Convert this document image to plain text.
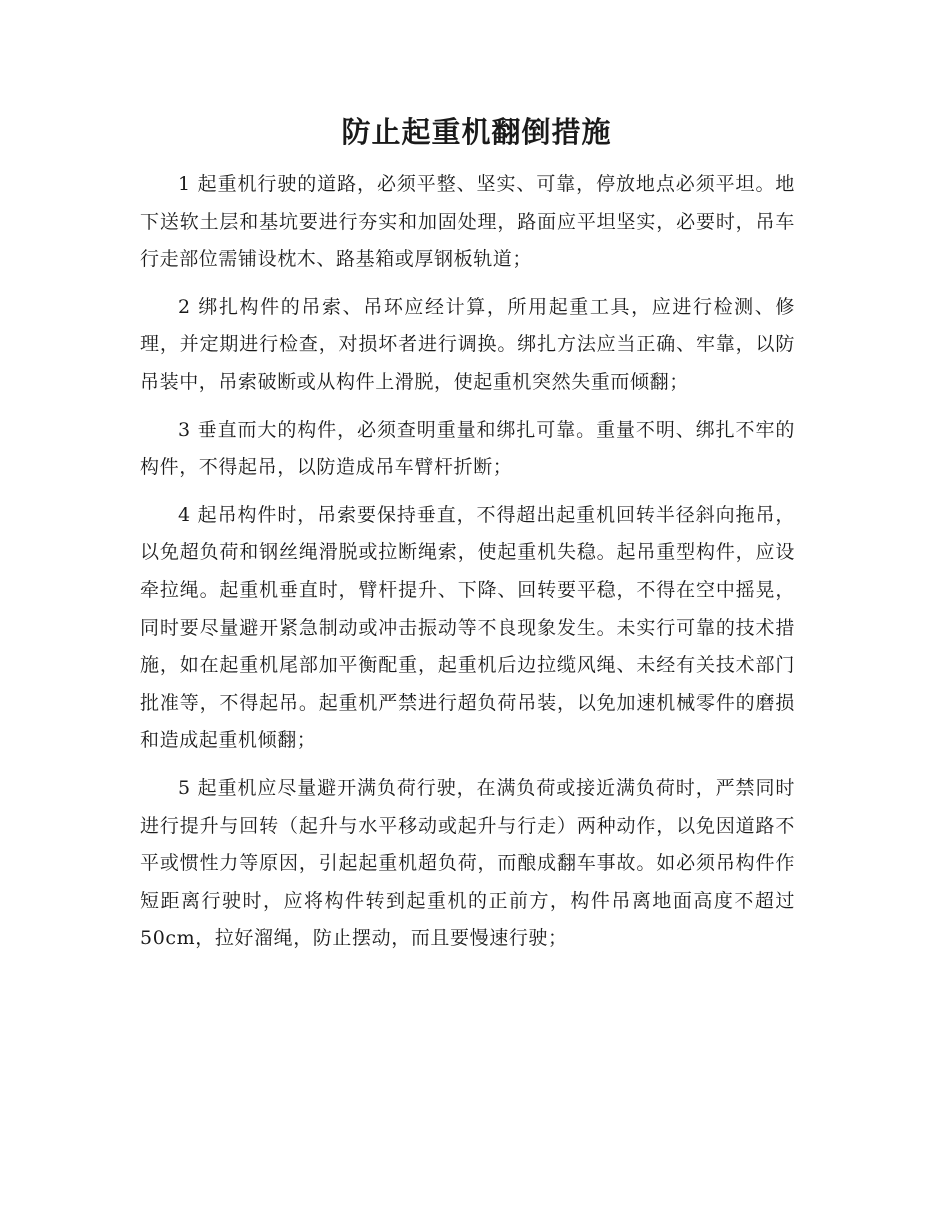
防止起重机翻倒措施

1 起重机行驶的道路，必须平整、坚实、可靠，停放地点必须平坦。地下送软土层和基坑要进行夯实和加固处理，路面应平坦坚实，必要时，吊车行走部位需铺设枕木、路基箱或厚钢板轨道；

2 绑扎构件的吊索、吊环应经计算，所用起重工具，应进行检测、修理，并定期进行检查，对损坏者进行调换。绑扎方法应当正确、牢靠，以防吊装中，吊索破断或从构件上滑脱，使起重机突然失重而倾翻；

3 垂直而大的构件，必须查明重量和绑扎可靠。重量不明、绑扎不牢的构件，不得起吊，以防造成吊车臂杆折断；

4 起吊构件时，吊索要保持垂直，不得超出起重机回转半径斜向拖吊，以免超负荷和钢丝绳滑脱或拉断绳索，使起重机失稳。起吊重型构件，应设牵拉绳。起重机垂直时，臂杆提升、下降、回转要平稳，不得在空中摇晃，同时要尽量避开紧急制动或冲击振动等不良现象发生。未实行可靠的技术措施，如在起重机尾部加平衡配重，起重机后边拉缆风绳、未经有关技术部门批准等，不得起吊。起重机严禁进行超负荷吊装，以免加速机械零件的磨损和造成起重机倾翻；

5 起重机应尽量避开满负荷行驶，在满负荷或接近满负荷时，严禁同时进行提升与回转（起升与水平移动或起升与行走）两种动作，以免因道路不平或惯性力等原因，引起起重机超负荷，而酿成翻车事故。如必须吊构件作短距离行驶时，应将构件转到起重机的正前方，构件吊离地面高度不超过50cm，拉好溜绳，防止摆动，而且要慢速行驶；
